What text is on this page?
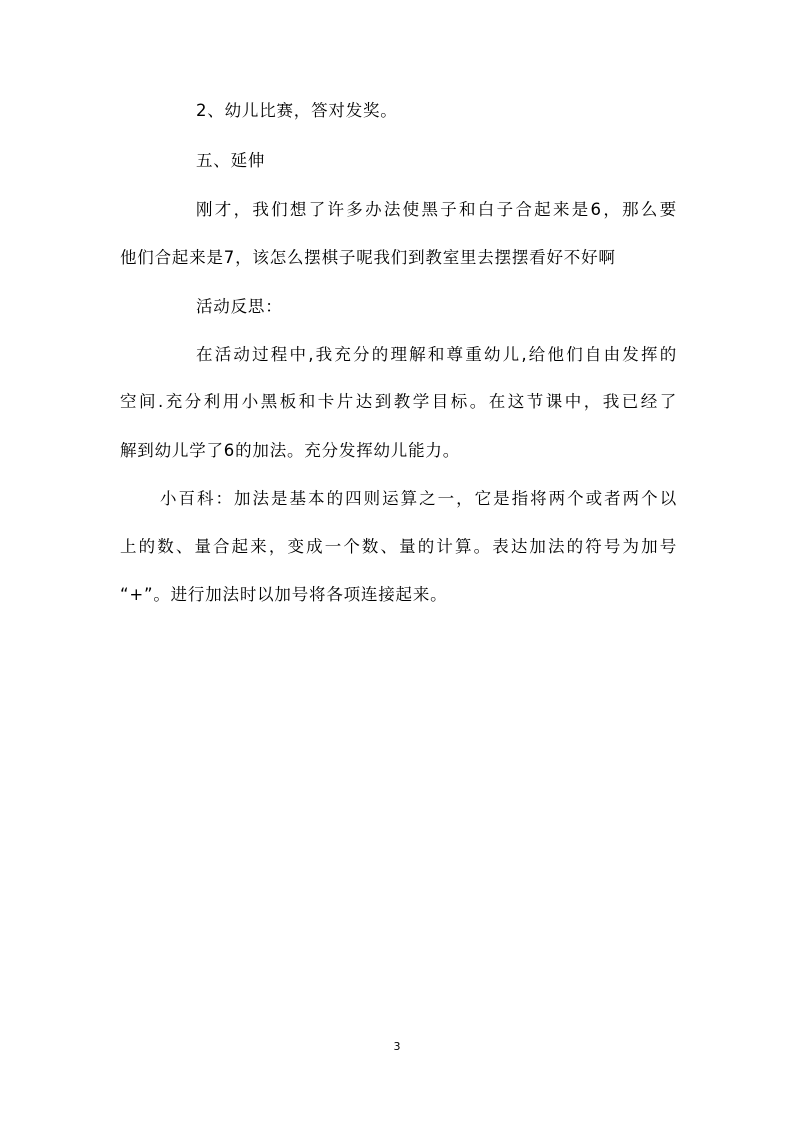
2、幼儿比赛，答对发奖。
五、延伸
刚才，我们想了许多办法使黑子和白子合起来是6，那么要
他们合起来是7，该怎么摆棋子呢我们到教室里去摆摆看好不好啊
活动反思：
在活动过程中,我充分的理解和尊重幼儿,给他们自由发挥的
空间.充分利用小黑板和卡片达到教学目标。在这节课中，我已经了
解到幼儿学了6的加法。充分发挥幼儿能力。
小百科：加法是基本的四则运算之一，它是指将两个或者两个以
上的数、量合起来，变成一个数、量的计算。表达加法的符号为加号
“+”。进行加法时以加号将各项连接起来。
3
